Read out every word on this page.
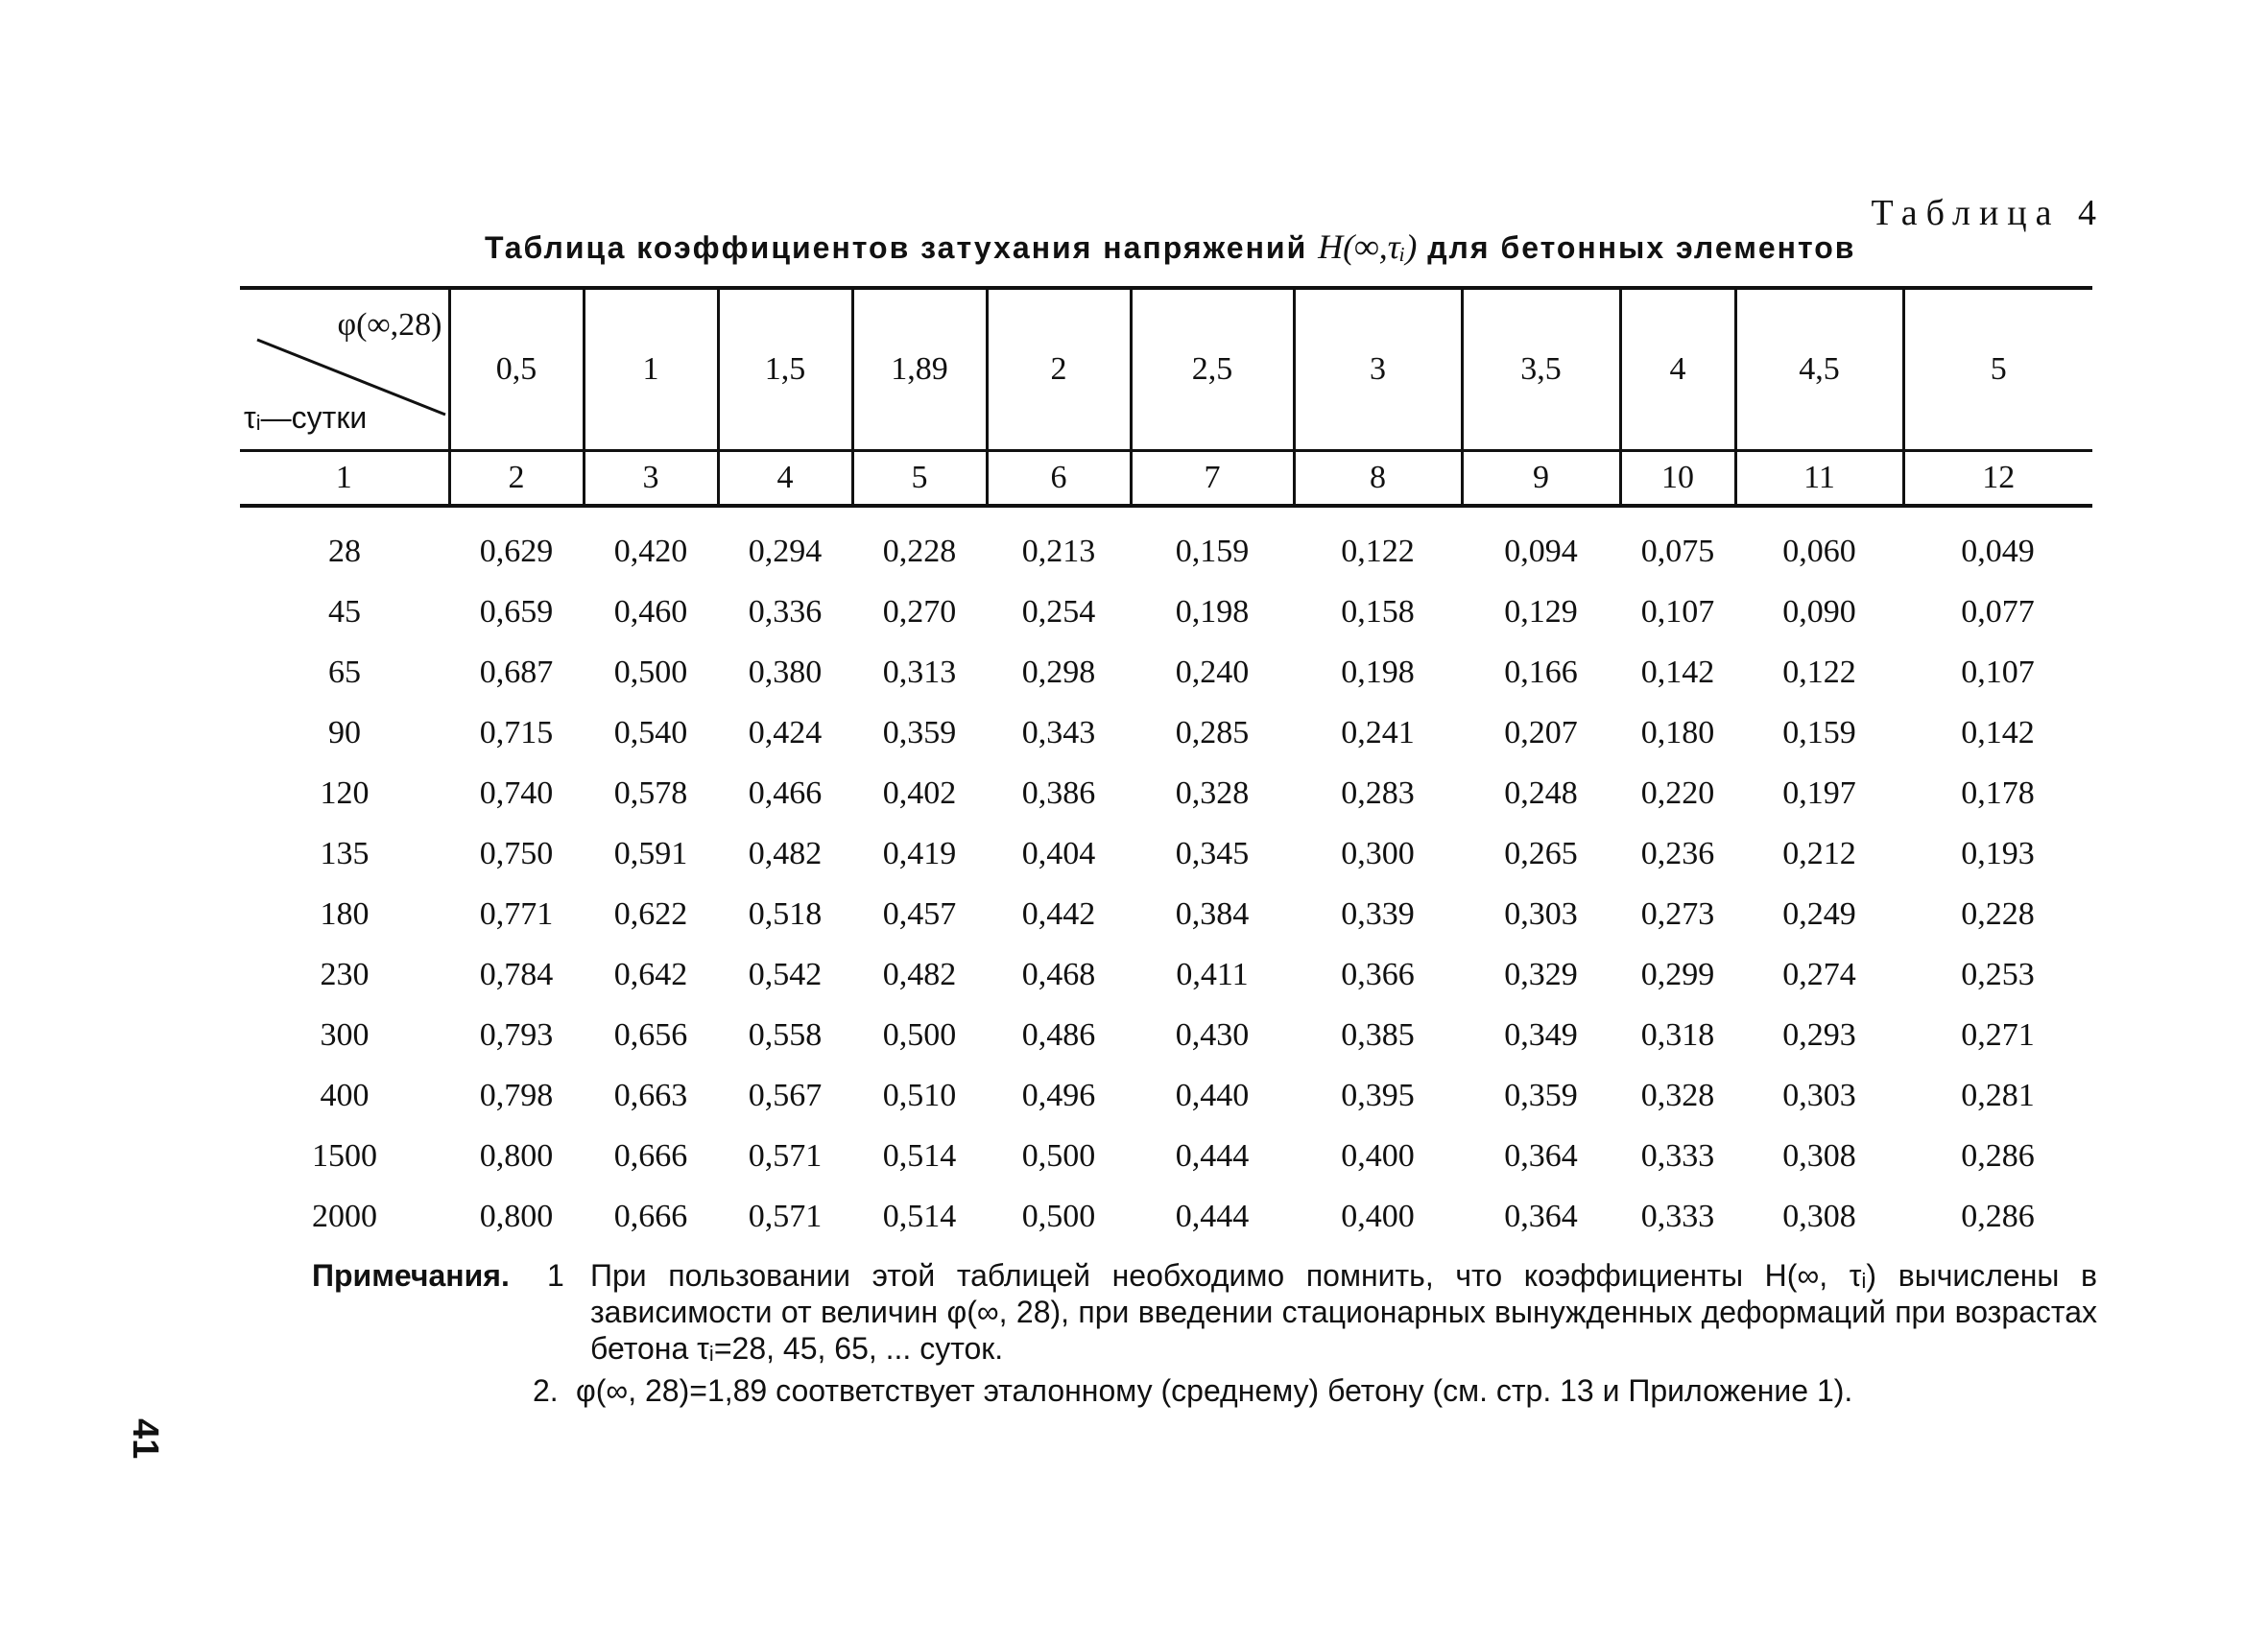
Таблица 4
Таблица коэффициентов затухания напряжений H(∞,τᵢ) для бетонных элементов
φ(∞,28)
τᵢ—сутки	0,5	1	1,5	1,89	2	2,5	3	3,5	4	4,5	5
1	2	3	4	5	6	7	8	9	10	11	12
28	0,629	0,420	0,294	0,228	0,213	0,159	0,122	0,094	0,075	0,060	0,049
45	0,659	0,460	0,336	0,270	0,254	0,198	0,158	0,129	0,107	0,090	0,077
65	0,687	0,500	0,380	0,313	0,298	0,240	0,198	0,166	0,142	0,122	0,107
90	0,715	0,540	0,424	0,359	0,343	0,285	0,241	0,207	0,180	0,159	0,142
120	0,740	0,578	0,466	0,402	0,386	0,328	0,283	0,248	0,220	0,197	0,178
135	0,750	0,591	0,482	0,419	0,404	0,345	0,300	0,265	0,236	0,212	0,193
180	0,771	0,622	0,518	0,457	0,442	0,384	0,339	0,303	0,273	0,249	0,228
230	0,784	0,642	0,542	0,482	0,468	0,411	0,366	0,329	0,299	0,274	0,253
300	0,793	0,656	0,558	0,500	0,486	0,430	0,385	0,349	0,318	0,293	0,271
400	0,798	0,663	0,567	0,510	0,496	0,440	0,395	0,359	0,328	0,303	0,281
1500	0,800	0,666	0,571	0,514	0,500	0,444	0,400	0,364	0,333	0,308	0,286
2000	0,800	0,666	0,571	0,514	0,500	0,444	0,400	0,364	0,333	0,308	0,286
Примечания.	1 При пользовании этой таблицей необходимо помнить, что коэффициенты H(∞, τᵢ) вычислены в зависимости от величин φ(∞, 28), при введении стационарных вынужденных деформаций при возрастах бетона τᵢ=28, 45, 65, ... суток.
2. φ(∞, 28)=1,89 соответствует эталонному (среднему) бетону (см. стр. 13 и Приложение 1).
41
